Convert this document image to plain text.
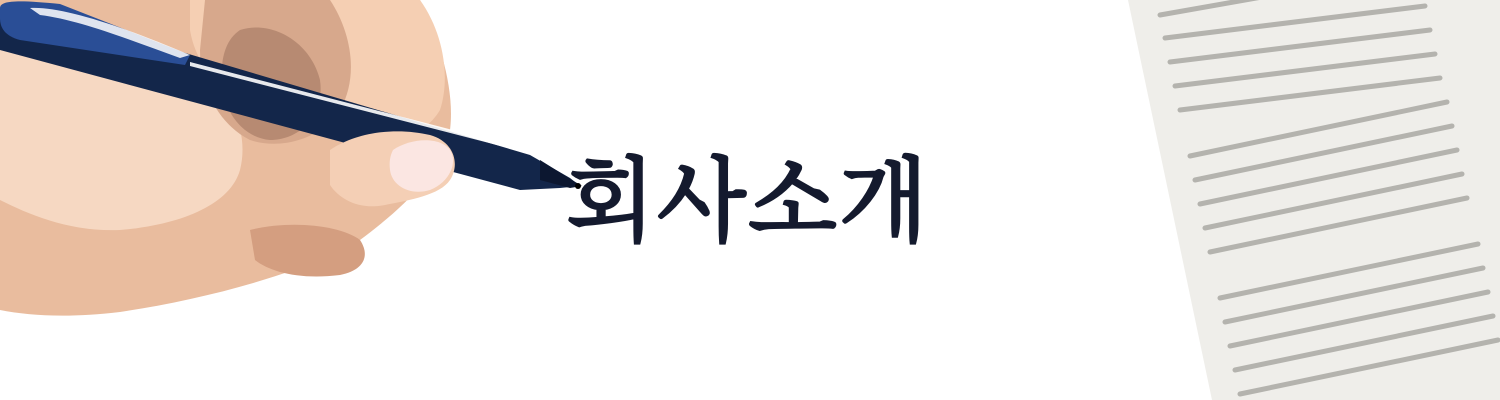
회사소개
